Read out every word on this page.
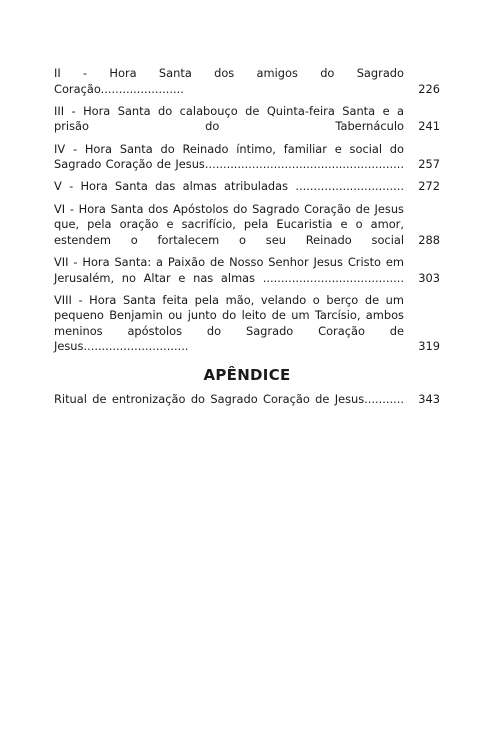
II - Hora Santa dos amigos do Sagrado Coração.......................	226
III - Hora Santa do calabouço de Quinta-feira Santa e a prisão do Tabernáculo	241
IV - Hora Santa do Reinado íntimo, familiar e social do Sagrado Coração de Jesus.......................................................	257
V - Hora Santa das almas atribuladas ..............................	272
VI - Hora Santa dos Apóstolos do Sagrado Coração de Jesus que, pela oração e sacrifício, pela Eucaristia e o amor, estendem o fortalecem o seu Reinado social	288
VII - Hora Santa: a Paixão de Nosso Senhor Jesus Cristo em Jerusalém, no Altar e nas almas .......................................	303
VIII - Hora Santa feita pela mão, velando o berço de um pequeno Benjamin ou junto do leito de um Tarcísio, ambos meninos apóstolos do Sagrado Coração de Jesus.............................	319
APÊNDICE
Ritual de entronização do Sagrado Coração de Jesus...........	343
